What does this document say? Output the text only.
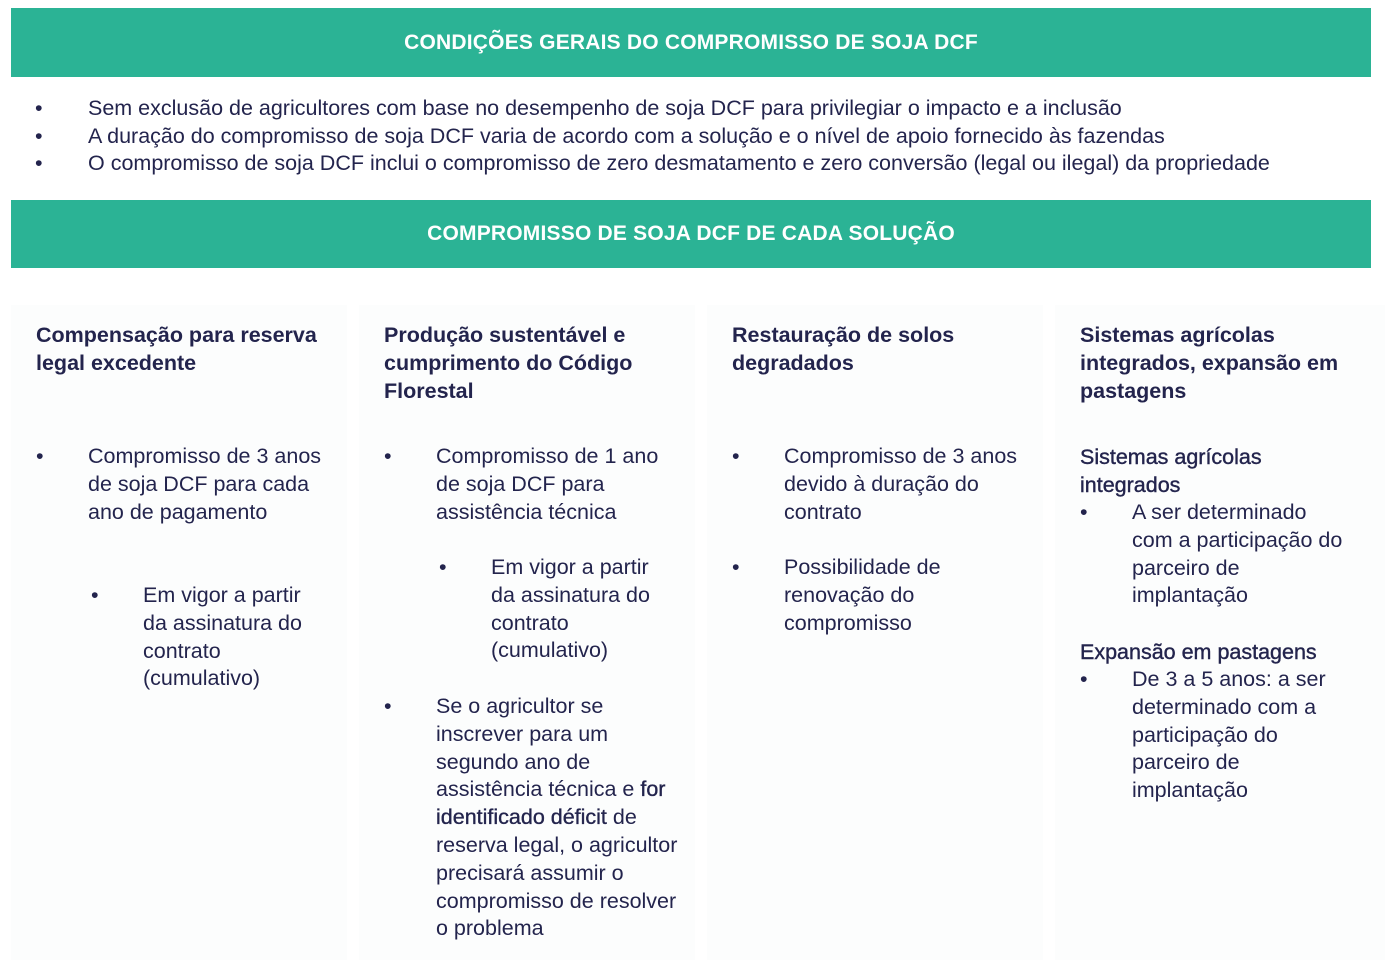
CONDIÇÕES GERAIS DO COMPROMISSO DE SOJA DCF
• Sem exclusão de agricultores com base no desempenho de soja DCF para privilegiar o impacto e a inclusão
• A duração do compromisso de soja DCF varia de acordo com a solução e o nível de apoio fornecido às fazendas
• O compromisso de soja DCF inclui o compromisso de zero desmatamento e zero conversão (legal ou ilegal) da propriedade
COMPROMISSO DE SOJA DCF DE CADA SOLUÇÃO
Compensação para reserva legal excedente
• Compromisso de 3 anos de soja DCF para cada ano de pagamento
• Em vigor a partir da assinatura do contrato (cumulativo)
Produção sustentável e cumprimento do Código Florestal
• Compromisso de 1 ano de soja DCF para assistência técnica
• Em vigor a partir da assinatura do contrato (cumulativo)
• Se o agricultor se inscrever para um segundo ano de assistência técnica e for identificado déficit de reserva legal, o agricultor precisará assumir o compromisso de resolver o problema
Restauração de solos degradados
• Compromisso de 3 anos devido à duração do contrato
• Possibilidade de renovação do compromisso
Sistemas agrícolas integrados, expansão em pastagens
Sistemas agrícolas integrados
• A ser determinado com a participação do parceiro de implantação
Expansão em pastagens
• De 3 a 5 anos: a ser determinado com a participação do parceiro de implantação
